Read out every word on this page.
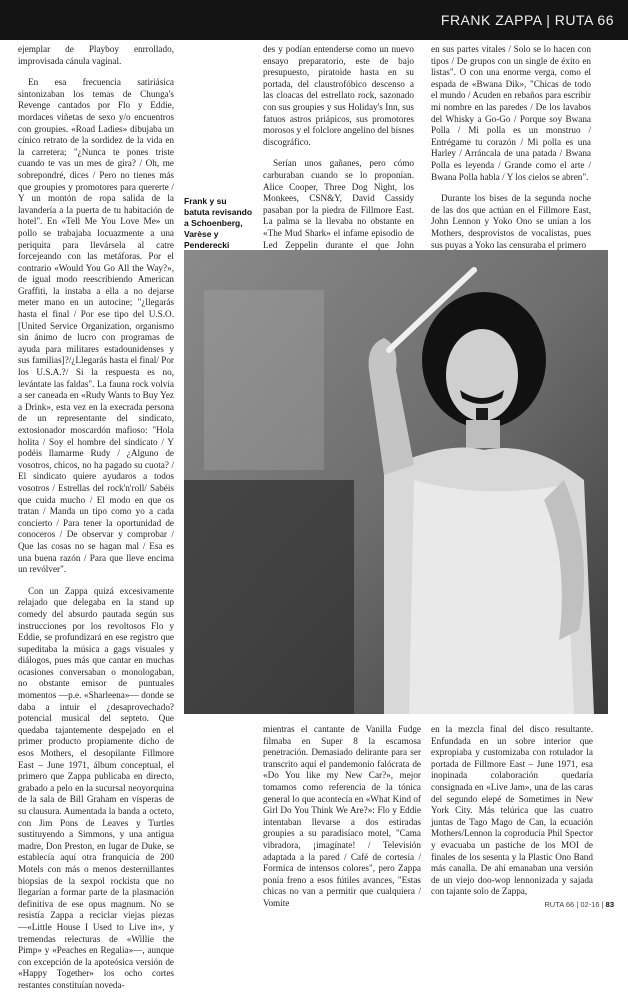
FRANK ZAPPA | RUTA 66

ejemplar de Playboy enrrollado, improvisada cánula vaginal.

En esa frecuencia satiriásica sintonizaban los temas de Chunga's Revenge cantados por Flo y Eddie, mordaces viñetas de sexo y/o encuentros con groupies. «Road Ladies» dibujaba un cínico retrato de la sordidez de la vida en la carretera; "¿Nunca te pones triste cuando te vas un mes de gira? / Oh, me sobrepondré, dices / Pero no tienes más que groupies y promotores para quererte / Y un montón de ropa salida de la lavandería a la puerta de tu habitación de hotel". En «Tell Me You Love Me» un pollo se trabajaba locuazmente a una periquita para llevársela al catre forcejeando con las metáforas. Por el contrario «Would You Go All the Way?», de igual modo reescribiendo American Graffiti, la instaba a ella a no dejarse meter mano en un autocine; "¿llegarás hasta el final / Por ese tipo del U.S.O. [United Service Organization, organismo sin ánimo de lucro con programas de ayuda para militares estadounidenses y sus familias]?/¿Llegarás hasta el final/ Por los U.S.A.?/ Si la respuesta es no, levántate las faldas". La fauna rock volvía a ser caneada en «Rudy Wants to Buy Yez a Drink», esta vez en la execrada persona de un representante del sindicato, extosionador moscardón mafioso: "Hola holita / Soy el hombre del sindicato / Y podéis llamarme Rudy / ¿Alguno de vosotros, chicos, no ha pagado su cuota? / El sindicato quiere ayudaros a todos vosotros / Estrellas del rock'n'roll/ Sabéis que cuida mucho / El modo en que os tratan / Manda un tipo como yo a cada concierto / Para tener la oportunidad de conoceros / De observar y comprobar / Que las cosas no se hagan mal / Esa es una buena razón / Para que lleve encima un revólver".

Con un Zappa quizá excesivamente relajado que delegaba en la stand up comedy del absurdo pautada según sus instrucciones por los revoltosos Flo y Eddie, se profundizará en ese registro que supeditaba la música a gags visuales y diálogos, pues más que cantar en muchas ocasiones conversaban o monologaban, no obstante emisor de puntuales momentos —p.e. «Sharleena»— donde se daba a intuir el ¿desaprovechado? potencial musical del septeto. Que quedaba tajantemente despejado en el primer producto propiamente dicho de esos Mothers, el desopilante Fillmore East – June 1971, álbum conceptual, el primero que Zappa publicaba en directo, grabado a pelo en la sucursal neoyorquina de la sala de Bill Graham en vísperas de su clausura. Aumentada la banda a octeto, con Jim Pons de Leaves y Turtles sustituyendo a Simmons, y una antigua madre, Don Preston, en lugar de Duke, se establecía aquí otra franquicia de 200 Motels con más o menos desternillantes biopsias de la sexpol rockista que no llegarían a formar parte de la plasmación definitiva de ese opus magnum. No se resistía Zappa a reciclar viejas piezas —«Little House I Used to Live in», y tremendas relecturas de «Willie the Pimp» y «Peaches en Regalia»—, aunque con excepción de la apoteósica versión de «Happy Together» los ocho cortes restantes constituían noveda-

des y podían entenderse como un nuevo ensayo preparatorio, este de bajo presupuesto, piratoide hasta en su portada, del claustrofóbico descenso a las cloacas del estrellato rock, sazonado con sus groupies y sus Holiday's Inn, sus fatuos astros priápicos, sus promotores morosos y el folclore angelino del bisnes discográfico.

Serían unos gañanes, pero cómo carburaban cuando se lo proponían. Alice Cooper, Three Dog Night, los Monkees, CSN&Y, David Cassidy pasaban por la piedra de Fillmore East. La palma se la llevaba no obstante en «The Mud Shark» el infame episodio de Led Zeppelin durante el que John

en sus partes vitales / Solo se lo hacen con tipos / De grupos con un single de éxito en listas". O con una enorme verga, como el espada de «Bwana Dik», "Chicas de todo el mundo / Acuden en rebaños para escribir mi nombre en las paredes / De los lavabos del Whisky a Go-Go / Porque soy Bwana Polla / Mi polla es un monstruo / Entrégame tu corazón / Mi polla es una Harley / Arráncala de una patada / Bwana Polla es leyenda / Grande como el arte / Bwana Polla habla / Y los cielos se abren".

Durante los bises de la segunda noche de las dos que actúan en el Fillmore East, John Lennon y Yoko Ono se unían a los Mothers, desprovistos de vocalistas, pues sus puyas a Yoko las censuraba el primero

Frank y su batuta revisando a Schoenberg, Varèse y Penderecki

mientras el cantante de Vanilla Fudge filmaba en Super 8 la escamosa penetración. Demasiado delirante para ser transcrito aquí el pandemonio falócrata de «Do You like my New Car?», mejor tomamos como referencia de la tónica general lo que acontecía en «What Kind of Girl Do You Think We Are?»: Flo y Eddie intentaban llevarse a dos estiradas groupies a su paradisíaco motel, "Cama vibradora, ¡imagínate! / Televisión adaptada a la pared / Café de cortesía / Formica de intensos colores", pero Zappa ponía freno a esos fútiles avances, "Estas chicas no van a permitir que cualquiera / Vomite

en la mezcla final del disco resultante. Enfundada en un sobre interior que expropiaba y customizaba con rotulador la portada de Fillmore East – June 1971, esa inopinada colaboración quedaría consignada en «Live Jam», una de las caras del segundo elepé de Sometimes in New York City. Más telúrica que las cuatro juntas de Tago Mago de Can, la ecuación Mothers/Lennon la coproducía Phil Spector y evacuaba un pastiche de los MOI de finales de los sesenta y la Plastic Ono Band más canalla. De ahí emanaban una versión de un viejo doo-wop lennonizada y sajada con tajante solo de Zappa,

RUTA 66 | 02-16 | 83
